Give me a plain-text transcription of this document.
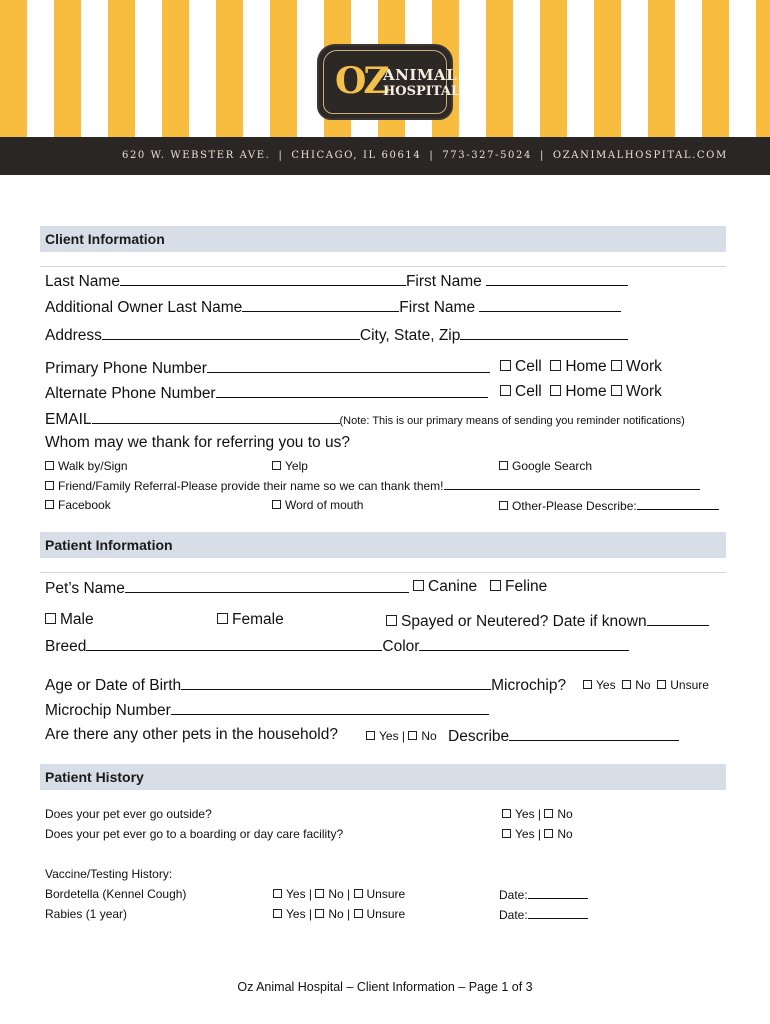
OZ
ANIMAL
HOSPITAL
620 W. WEBSTER AVE. | CHICAGO, IL 60614 | 773-327-5024 | OZANIMALHOSPITAL.COM
Client Information
Last Name	First Name
Additional Owner Last Name	First Name
Address	City, State, Zip
Primary Phone Number	Cell Home Work
Alternate Phone Number	Cell Home Work
EMAIL	(Note: This is our primary means of sending you reminder notifications)
Whom may we thank for referring you to us?
Walk by/Sign	Yelp	Google Search
Friend/Family Referral-Please provide their name so we can thank them!
Facebook	Word of mouth	Other-Please Describe:
Patient Information
Pet’s Name	Canine Feline
Male	Female	Spayed or Neutered? Date if known
Breed	Color
Age or Date of Birth	Microchip?	Yes No Unsure
Microchip Number
Are there any other pets in the household?	Yes | No Describe
Patient History
Does your pet ever go outside?	Yes | No
Does your pet ever go to a boarding or day care facility?	Yes | No
Vaccine/Testing History:
Bordetella (Kennel Cough)	Yes | No | Unsure	Date:
Rabies (1 year)	Yes | No | Unsure	Date:
Oz Animal Hospital – Client Information – Page 1 of 3
